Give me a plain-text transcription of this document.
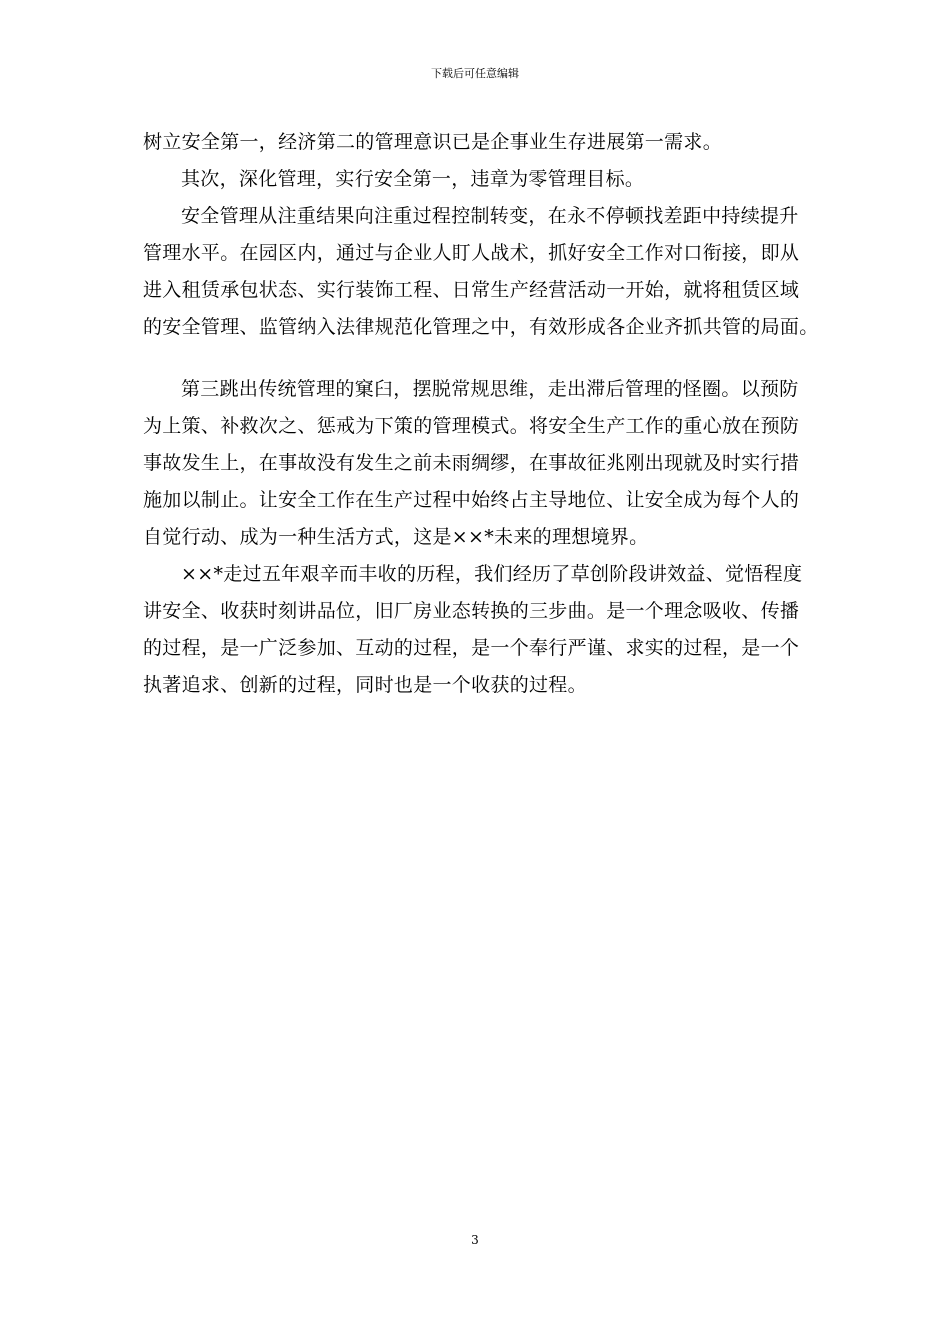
下载后可任意编辑
树立安全第一，经济第二的管理意识已是企事业生存进展第一需求。
其次，深化管理，实行安全第一，违章为零管理目标。
安全管理从注重结果向注重过程控制转变，在永不停顿找差距中持续提升
管理水平。在园区内，通过与企业人盯人战术，抓好安全工作对口衔接，即从
进入租赁承包状态、实行装饰工程、日常生产经营活动一开始，就将租赁区域
的安全管理、监管纳入法律规范化管理之中，有效形成各企业齐抓共管的局面。
第三跳出传统管理的窠臼，摆脱常规思维，走出滞后管理的怪圈。以预防
为上策、补救次之、惩戒为下策的管理模式。将安全生产工作的重心放在预防
事故发生上，在事故没有发生之前未雨绸缪，在事故征兆刚出现就及时实行措
施加以制止。让安全工作在生产过程中始终占主导地位、让安全成为每个人的
自觉行动、成为一种生活方式，这是××*未来的理想境界。
××*走过五年艰辛而丰收的历程，我们经历了草创阶段讲效益、觉悟程度
讲安全、收获时刻讲品位，旧厂房业态转换的三步曲。是一个理念吸收、传播
的过程，是一广泛参加、互动的过程，是一个奉行严谨、求实的过程，是一个
执著追求、创新的过程，同时也是一个收获的过程。
3
